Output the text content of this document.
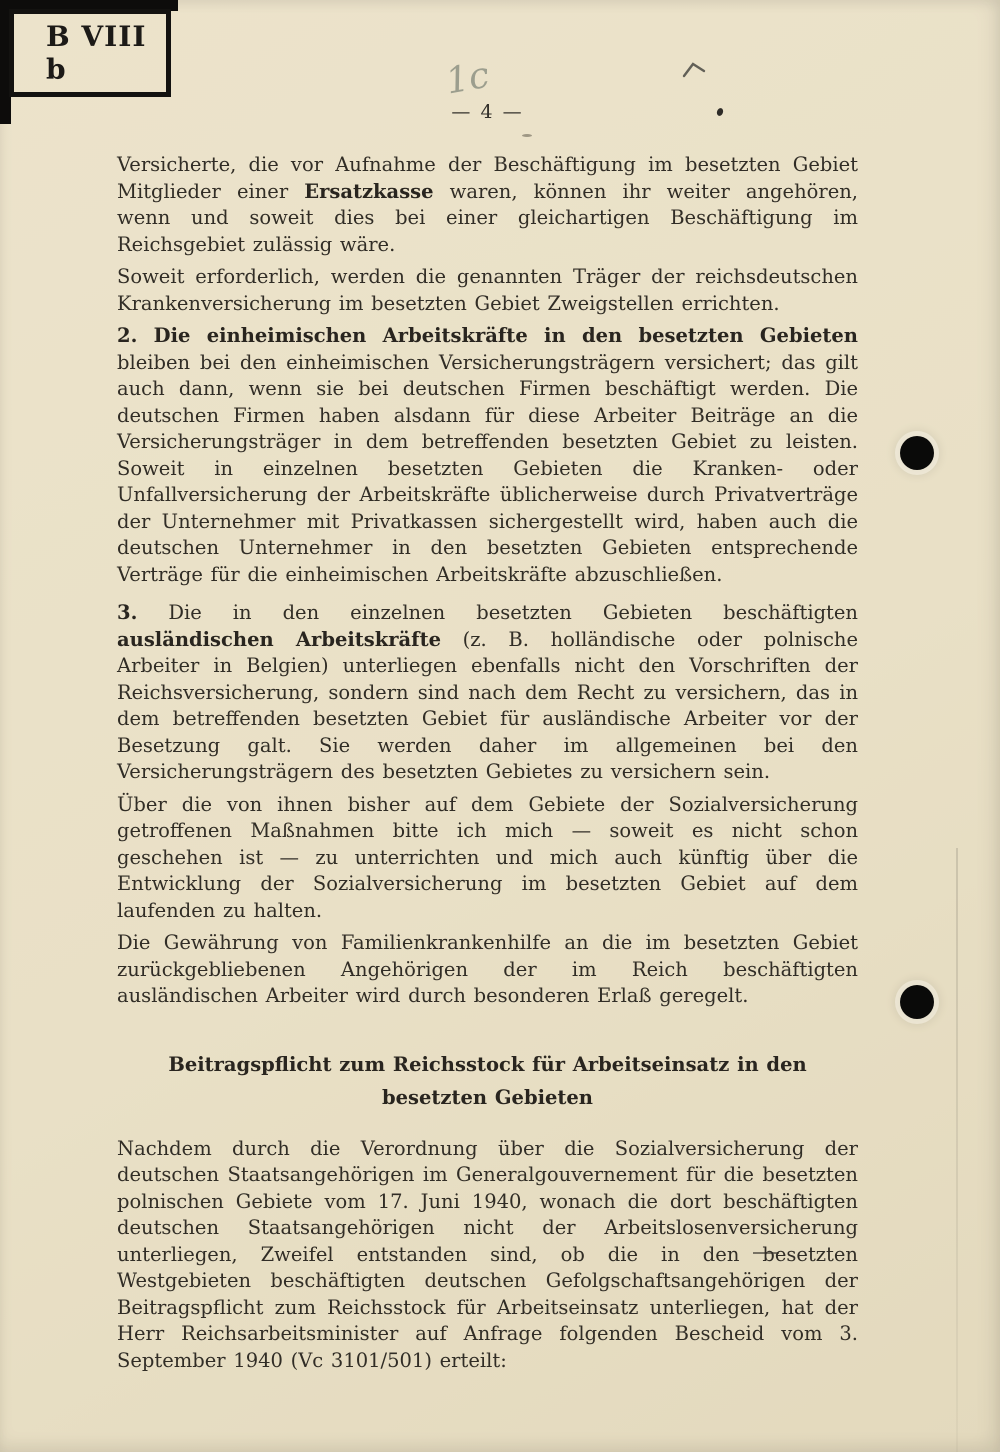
B VIII b	1c
— 4 —

Versicherte, die vor Aufnahme der Beschäftigung im besetzten Gebiet Mitglieder einer Ersatzkasse waren, können ihr weiter angehören, wenn und soweit dies bei einer gleichartigen Beschäftigung im Reichsgebiet zulässig wäre.

Soweit erforderlich, werden die genannten Träger der reichsdeutschen Krankenversicherung im besetzten Gebiet Zweigstellen errichten.

2. Die einheimischen Arbeitskräfte in den besetzten Gebieten bleiben bei den einheimischen Versicherungsträgern versichert; das gilt auch dann, wenn sie bei deutschen Firmen beschäftigt werden. Die deutschen Firmen haben alsdann für diese Arbeiter Beiträge an die Versicherungsträger in dem betreffenden besetzten Gebiet zu leisten. Soweit in einzelnen besetzten Gebieten die Kranken- oder Unfallversicherung der Arbeitskräfte üblicherweise durch Privatverträge der Unternehmer mit Privatkassen sichergestellt wird, haben auch die deutschen Unternehmer in den besetzten Gebieten entsprechende Verträge für die einheimischen Arbeitskräfte abzuschließen.

3. Die in den einzelnen besetzten Gebieten beschäftigten ausländischen Arbeitskräfte (z. B. holländische oder polnische Arbeiter in Belgien) unterliegen ebenfalls nicht den Vorschriften der Reichsversicherung, sondern sind nach dem Recht zu versichern, das in dem betreffenden besetzten Gebiet für ausländische Arbeiter vor der Besetzung galt. Sie werden daher im allgemeinen bei den Versicherungsträgern des besetzten Gebietes zu versichern sein.

Über die von ihnen bisher auf dem Gebiete der Sozialversicherung getroffenen Maßnahmen bitte ich mich — soweit es nicht schon geschehen ist — zu unterrichten und mich auch künftig über die Entwicklung der Sozialversicherung im besetzten Gebiet auf dem laufenden zu halten.

Die Gewährung von Familienkrankenhilfe an die im besetzten Gebiet zurückgebliebenen Angehörigen der im Reich beschäftigten ausländischen Arbeiter wird durch besonderen Erlaß geregelt.

Beitragspflicht zum Reichsstock für Arbeitseinsatz in den besetzten Gebieten

Nachdem durch die Verordnung über die Sozialversicherung der deutschen Staatsangehörigen im Generalgouvernement für die besetzten polnischen Gebiete vom 17. Juni 1940, wonach die dort beschäftigten deutschen Staatsangehörigen nicht der Arbeitslosenversicherung unterliegen, Zweifel entstanden sind, ob die in den besetzten Westgebieten beschäftigten deutschen Gefolgschaftsangehörigen der Beitragspflicht zum Reichsstock für Arbeitseinsatz unterliegen, hat der Herr Reichsarbeitsminister auf Anfrage folgenden Bescheid vom 3. September 1940 (Vc 3101/501) erteilt:
